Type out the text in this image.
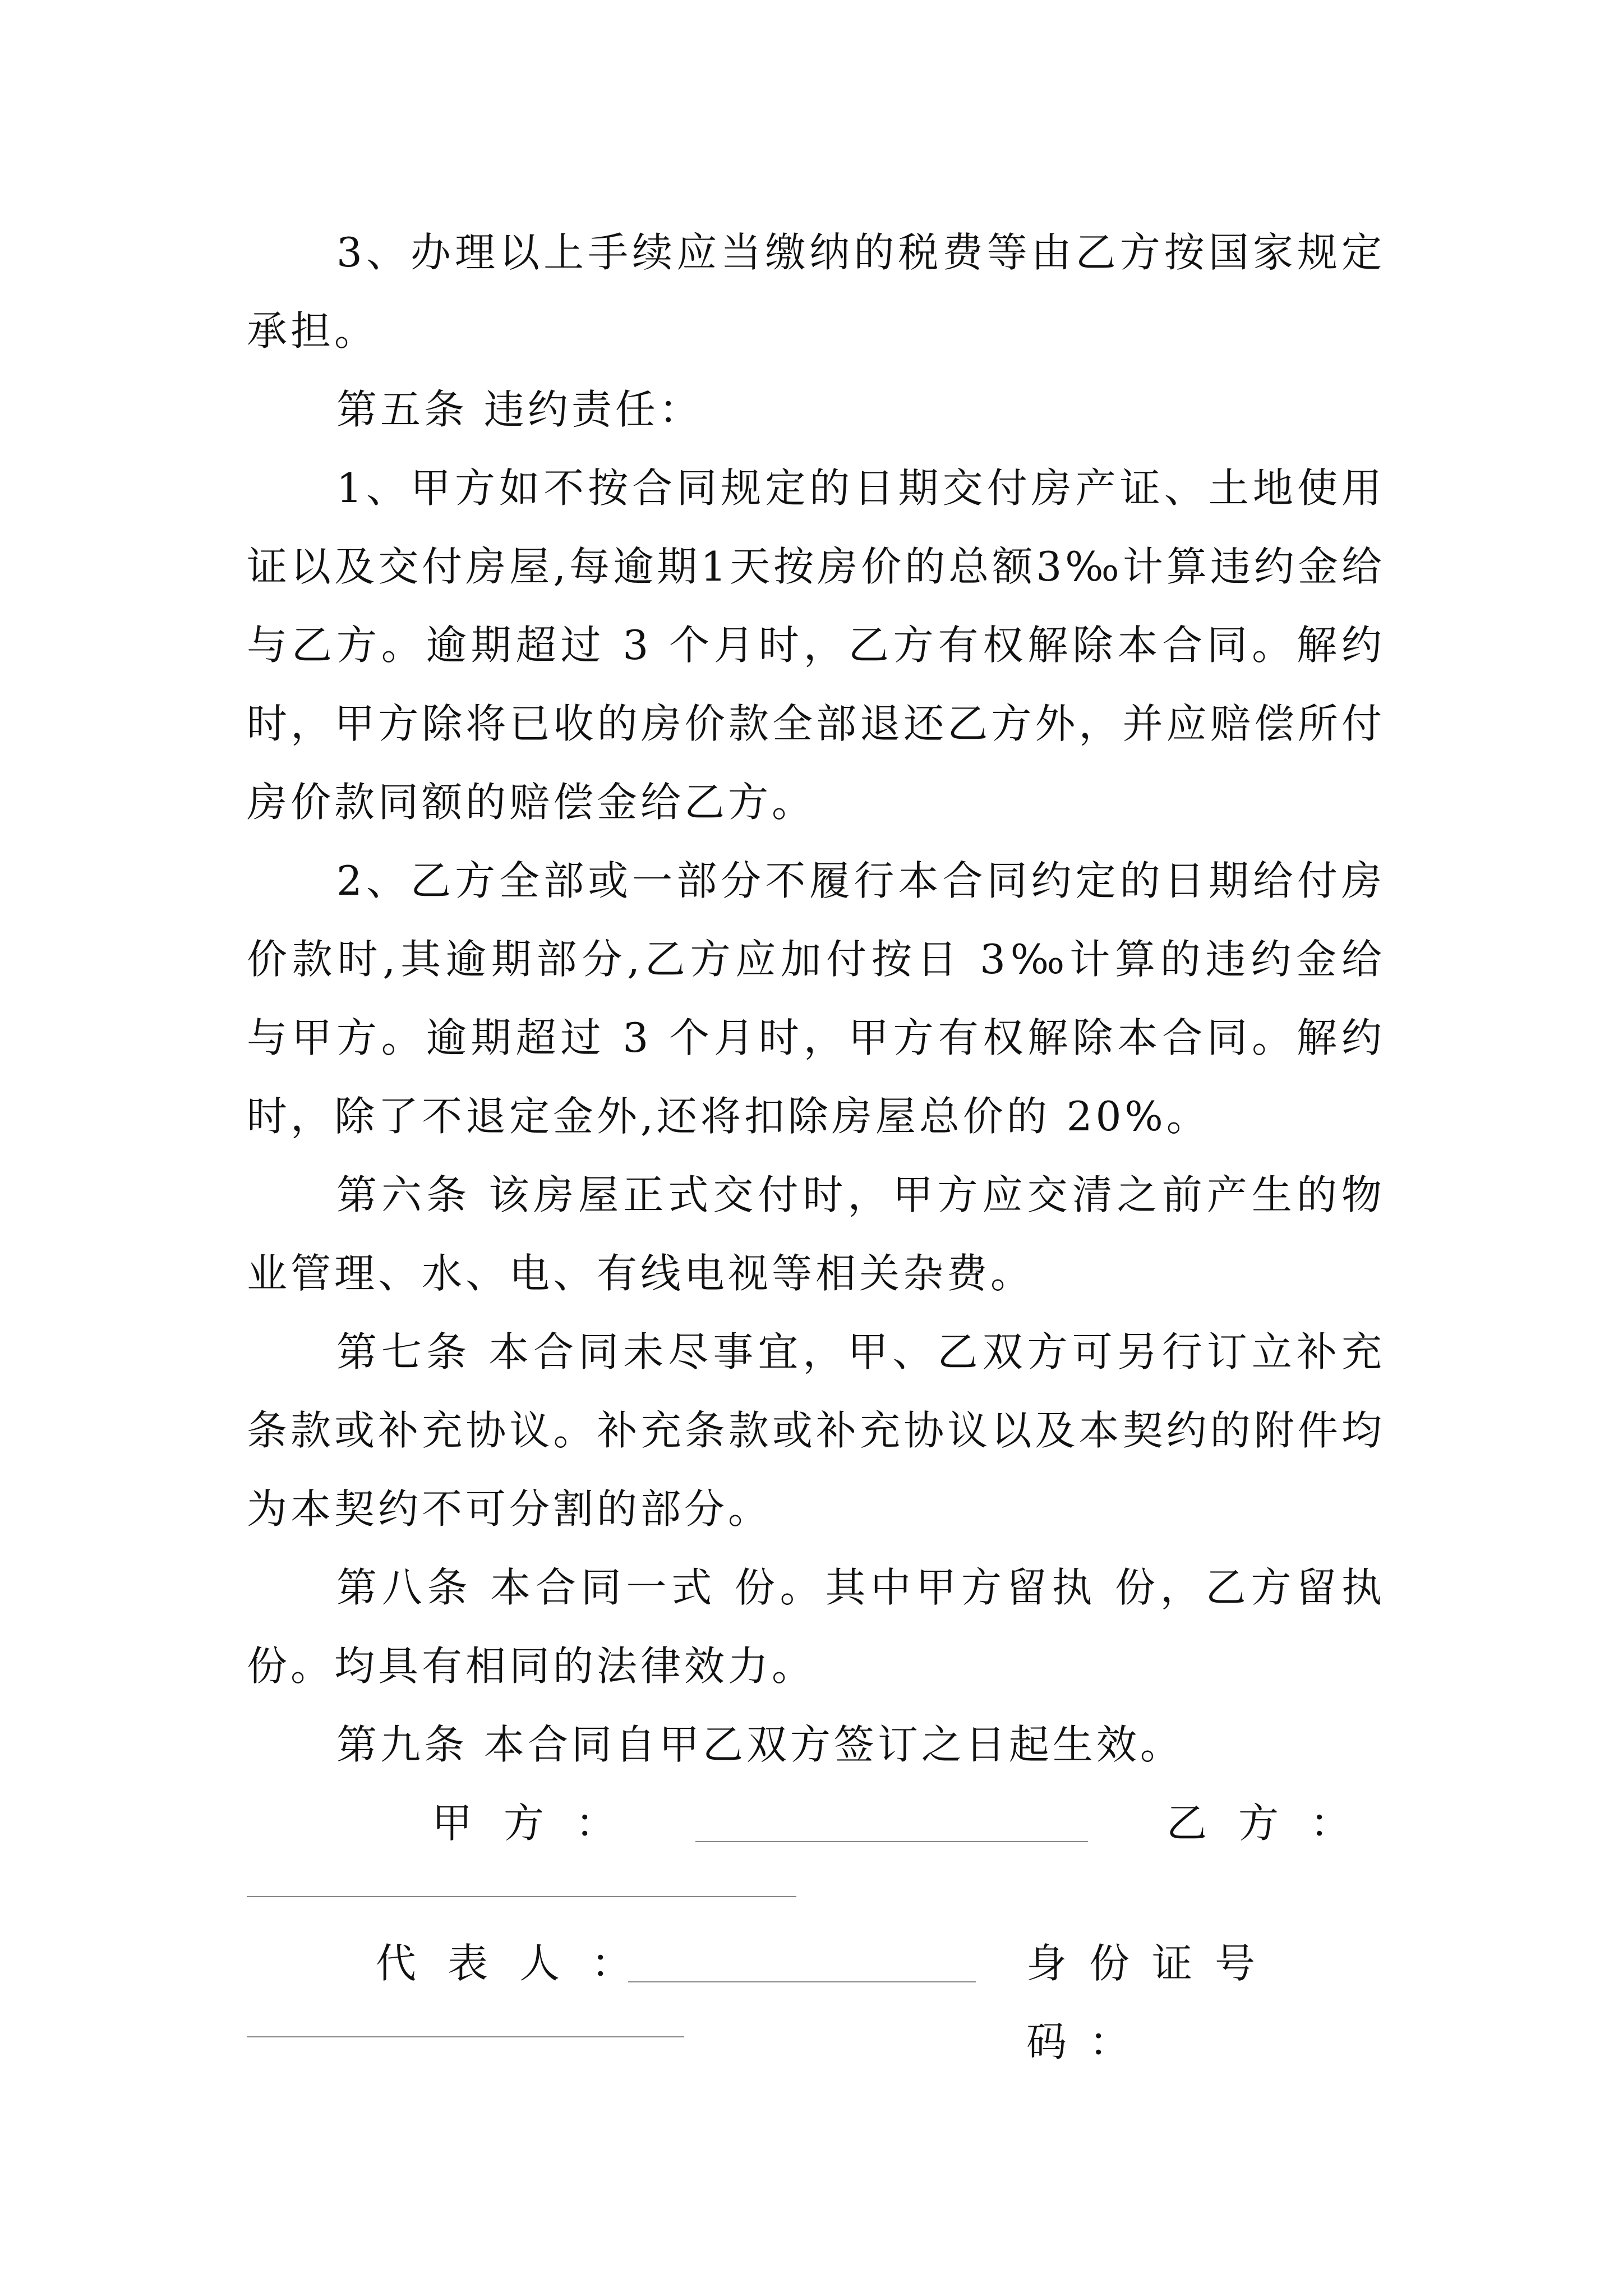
3、办理以上手续应当缴纳的税费等由乙方按国家规定承担。

第五条 违约责任：

1、甲方如不按合同规定的日期交付房产证、土地使用证以及交付房屋,每逾期1天按房价的总额3‰计算违约金给与乙方。逾期超过 3 个月时，乙方有权解除本合同。解约时，甲方除将已收的房价款全部退还乙方外，并应赔偿所付房价款同额的赔偿金给乙方。

2、乙方全部或一部分不履行本合同约定的日期给付房价款时,其逾期部分,乙方应加付按日 3‰计算的违约金给与甲方。逾期超过 3 个月时，甲方有权解除本合同。解约时，除了不退定金外,还将扣除房屋总价的 20%。

第六条 该房屋正式交付时，甲方应交清之前产生的物业管理、水、电、有线电视等相关杂费。

第七条 本合同未尽事宜，甲、乙双方可另行订立补充条款或补充协议。补充条款或补充协议以及本契约的附件均为本契约不可分割的部分。

第八条 本合同一式 份。其中甲方留执 份，乙方留执份。均具有相同的法律效力。

第九条 本合同自甲乙双方签订之日起生效。

甲方：	乙方：
代表人：	身份证号码：
